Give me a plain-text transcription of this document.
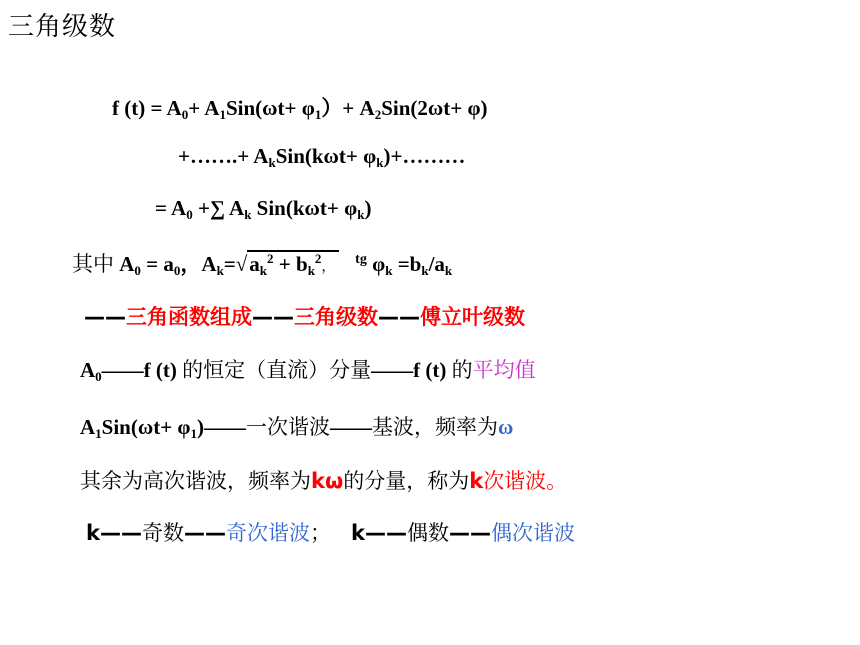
三角级数
f $(t) = A_0+ A_1Sin(\omega t+ \varphi_1)+ A_2Sin(2\omega t+ \varphi)$
+…….+ $A_kSin(k\omega t+$ $\varphi_k)+\dots\dots\dots$
= $A_0$ +∑ $A_k$ $Sin(k\omega t+ \varphi_k)$
其中 $A_0 = a_0$，$A_k=√a_k^2 + b_k^2$，   $^{tg}$ $\varphi_k =b_k/a_k$
——三角函数组成——三角级数——傅立叶级数
$A_0——f$ (t) 的恒定（直流）分量——f (t) 的平均值
$A_1Sin(\omega t+$ $\varphi_1)——$一次谐波——基波，频率为ω
其余为高次谐波，频率为kω的分量，称为k次谐波。
k——奇数——奇次谐波； k——偶数——偶次谐波
